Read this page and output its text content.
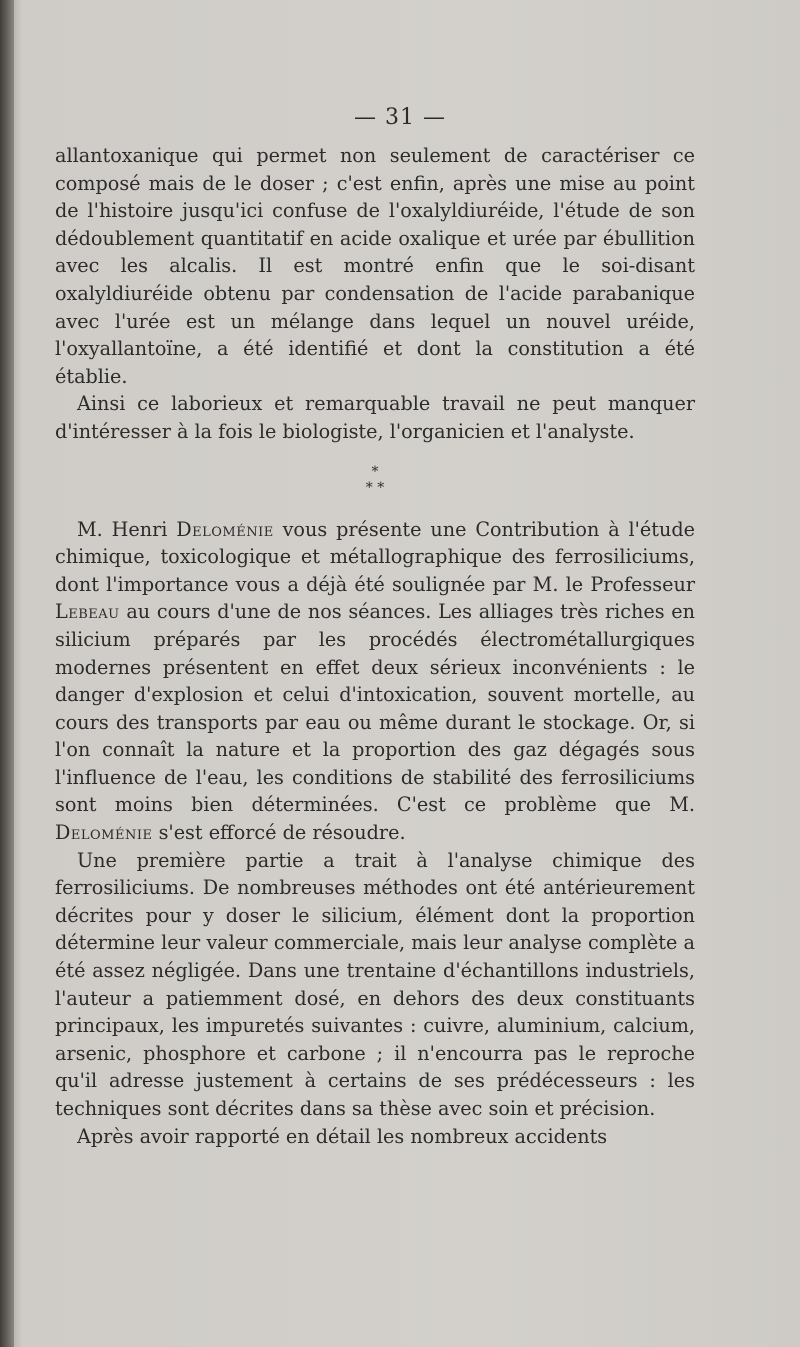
— 31 —

allantoxanique qui permet non seulement de caractériser ce composé mais de le doser ; c'est enfin, après une mise au point de l'histoire jusqu'ici confuse de l'oxalyldiuréide, l'étude de son dédoublement quantitatif en acide oxalique et urée par ébullition avec les alcalis. Il est montré enfin que le soi-disant oxalyldiuréide obtenu par condensation de l'acide parabanique avec l'urée est un mélange dans lequel un nouvel uréide, l'oxyallantoïne, a été identifié et dont la constitution a été établie.

Ainsi ce laborieux et remarquable travail ne peut manquer d'intéresser à la fois le biologiste, l'organicien et l'analyste.

*
* *

M. Henri Deloménie vous présente une Contribution à l'étude chimique, toxicologique et métallographique des ferrosiliciums, dont l'importance vous a déjà été soulignée par M. le Professeur Lebeau au cours d'une de nos séances. Les alliages très riches en silicium préparés par les procédés électrométallurgiques modernes présentent en effet deux sérieux inconvénients : le danger d'explosion et celui d'intoxication, souvent mortelle, au cours des transports par eau ou même durant le stockage. Or, si l'on connaît la nature et la proportion des gaz dégagés sous l'influence de l'eau, les conditions de stabilité des ferrosiliciums sont moins bien déterminées. C'est ce problème que M. Deloménie s'est efforcé de résoudre.

Une première partie a trait à l'analyse chimique des ferrosiliciums. De nombreuses méthodes ont été antérieurement décrites pour y doser le silicium, élément dont la proportion détermine leur valeur commerciale, mais leur analyse complète a été assez négligée. Dans une trentaine d'échantillons industriels, l'auteur a patiemment dosé, en dehors des deux constituants principaux, les impuretés suivantes : cuivre, aluminium, calcium, arsenic, phosphore et carbone ; il n'encourra pas le reproche qu'il adresse justement à certains de ses prédécesseurs : les techniques sont décrites dans sa thèse avec soin et précision.

Après avoir rapporté en détail les nombreux accidents
